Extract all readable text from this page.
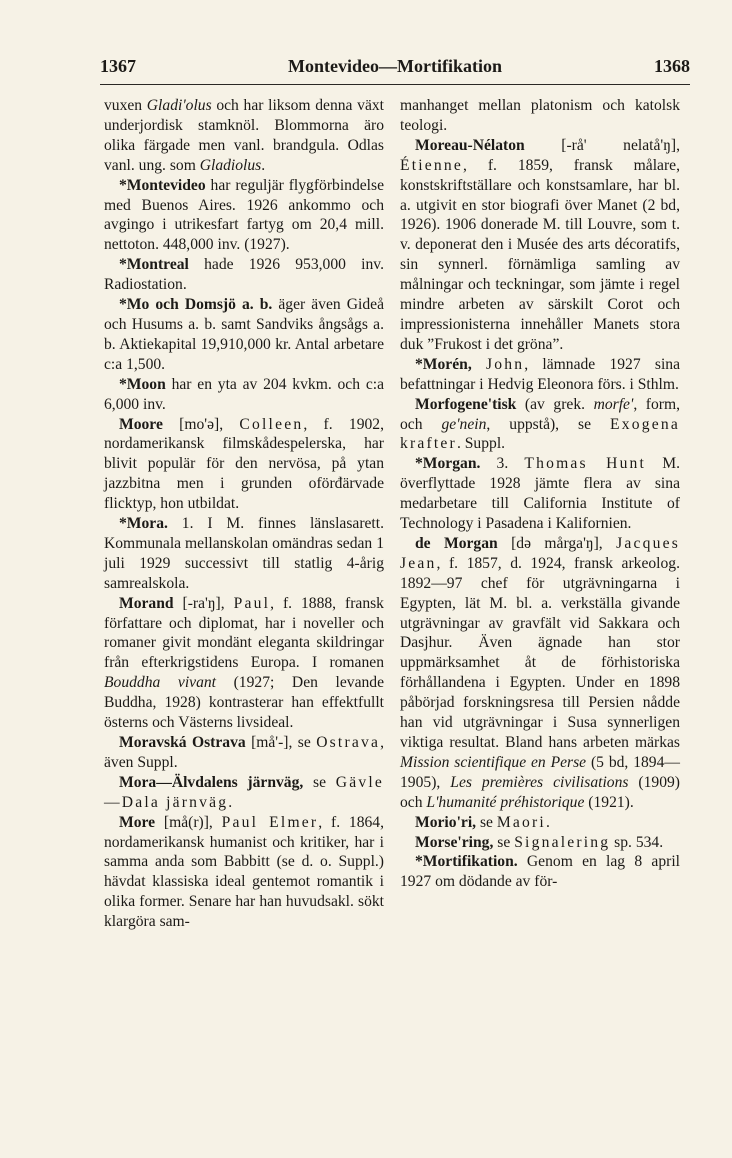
1367	Montevideo—Mortifikation	1368

vuxen Gladi'olus och har liksom denna växt underjordisk stamknöl. Blommorna äro olika färgade men vanl. brandgula. Odlas vanl. ung. som Gladiolus.

*Montevideo har reguljär flygförbindelse med Buenos Aires. 1926 ankommo och avgingo i utrikesfart fartyg om 20,4 mill. nettoton. 448,000 inv. (1927).

*Montreal hade 1926 953,000 inv. Radiostation.

*Mo och Domsjö a. b. äger även Gideå och Husums a. b. samt Sandviks ångsågs a. b. Aktiekapital 19,910,000 kr. Antal arbetare c:a 1,500.

*Moon har en yta av 204 kvkm. och c:a 6,000 inv.

Moore [mo'ə], Colleen, f. 1902, nordamerikansk filmskådespelerska, har blivit populär för den nervösa, på ytan jazzbitna men i grunden oförđärvade flicktyp, hon utbildat.

*Mora. 1. I M. finnes länslasarett. Kommunala mellanskolan omändras sedan 1 juli 1929 successivt till statlig 4-årig samrealskola.

Morand [-ra'ŋ], Paul, f. 1888, fransk författare och diplomat, har i noveller och romaner givit mondänt eleganta skildringar från efterkrigstidens Europa. I romanen Bouddha vivant (1927; Den levande Buddha, 1928) kontrasterar han effektfullt österns och Västerns livsideal.

Moravská Ostrava [må'-], se Ostrava, även Suppl.

Mora—Älvdalens järnväg, se Gävle—Dala järnväg.

More [må(r)], Paul Elmer, f. 1864, nordamerikansk humanist och kritiker, har i samma anda som Babbitt (se d. o. Suppl.) hävdat klassiska ideal gentemot romantik i olika former. Senare har han huvudsakl. sökt klargöra sam-

manhanget mellan platonism och katolsk teologi.

Moreau-Nélaton [-rå' nelatå'ŋ], Étienne, f. 1859, fransk målare, konstskriftställare och konstsamlare, har bl. a. utgivit en stor biografi över Manet (2 bd, 1926). 1906 donerade M. till Louvre, som t. v. deponerat den i Musée des arts décoratifs, sin synnerl. förnämliga samling av målningar och teckningar, som jämte i regel mindre arbeten av särskilt Corot och impressionisterna innehåller Manets stora duk ”Frukost i det gröna”.

*Morén, John, lämnade 1927 sina befattningar i Hedvig Eleonora förs. i Sthlm.

Morfogene'tisk (av grek. morfe', form, och ge'nein, uppstå), se Exogena krafter. Suppl.

*Morgan. 3. Thomas Hunt M. överflyttade 1928 jämte flera av sina medarbetare till California Institute of Technology i Pasadena i Kalifornien.

de Morgan [də mårga'ŋ], Jacques Jean, f. 1857, d. 1924, fransk arkeolog. 1892—97 chef för utgrävningarna i Egypten, lät M. bl. a. verkställa givande utgrävningar av gravfält vid Sakkara och Dasjhur. Även ägnade han stor uppmärksamhet åt de förhistoriska förhållandena i Egypten. Under en 1898 påbörjad forskningsresa till Persien nådde han vid utgrävningar i Susa synnerligen viktiga resultat. Bland hans arbeten märkas Mission scientifique en Perse (5 bd, 1894—1905), Les premières civilisations (1909) och L'humanité préhistorique (1921).

Morio'ri, se Maori.

Morse'ring, se Signalering sp. 534.

*Mortifikation. Genom en lag 8 april 1927 om dödande av för-
